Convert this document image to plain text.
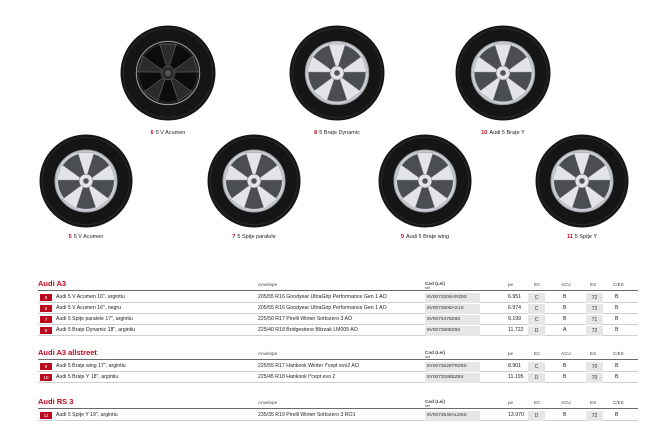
6 5 V Acumen	8 5 Braţe Dynamic	10 Audi 5 Braţe Y
5 5 V Acumen	7 5 Spiţe paralele	9 Audi 5 Braţe wing	11 5 Spiţe Y
Audi A3	Anvelope	Cod (Lei)
set
pe	EC	ACU	ES	C/ES
6	Audi 5 V Acumen 16", argintiu	205/55 R16 Goodyear UltraGrip Performance Gen 1 AO	8V0073306ARZ8S	6.951	C	B	72	B
5	Audi 5 V Acumen 16", negru	205/55 R16 Goodyear UltraGrip Performance Gen 1 AO	8V0073506AX1S	6.974	C	B	72	B
7	Audi 5 Spiţe paralele 17", argintiu	225/50 R17 Pirelli Winter Sottozero 3 AO	8V0073478Z8S	9.199	C	B	71	B
8	Audi 5 Braţe Dynamic 18", argintiu	225/40 R18 Bridgestone Blizzak LM005 AO	8V0073688Z8S	11.722	D	A	72	B
Audi A3 allstreet	Anvelope	Cod (Lei)
set
pe	EC	ACU	ES	C/ES
9	Audi 5 Braţe wing 17", argintiu	225/55 R17 Hankook Winter i*cept evo2 AO	8Y0073528TRZ8S	8.901	C	B	70	B
10	Audi 5 Braţe Y 18", argintiu	225/45 R18 Hankook i*cept evo 2	8Y0073288BZ8S	11.195	D	B	70	B
Audi RS 3	Anvelope	Cod (Lei)
set
pe	EC	ACU	ES	C/ES
11	Audi 5 Spiţe Y 19", argintiu	235/35 R19 Pirelli Winter Sottozero 3 RO1	8V0073549ALD8S	13.970	D	B	72	B
